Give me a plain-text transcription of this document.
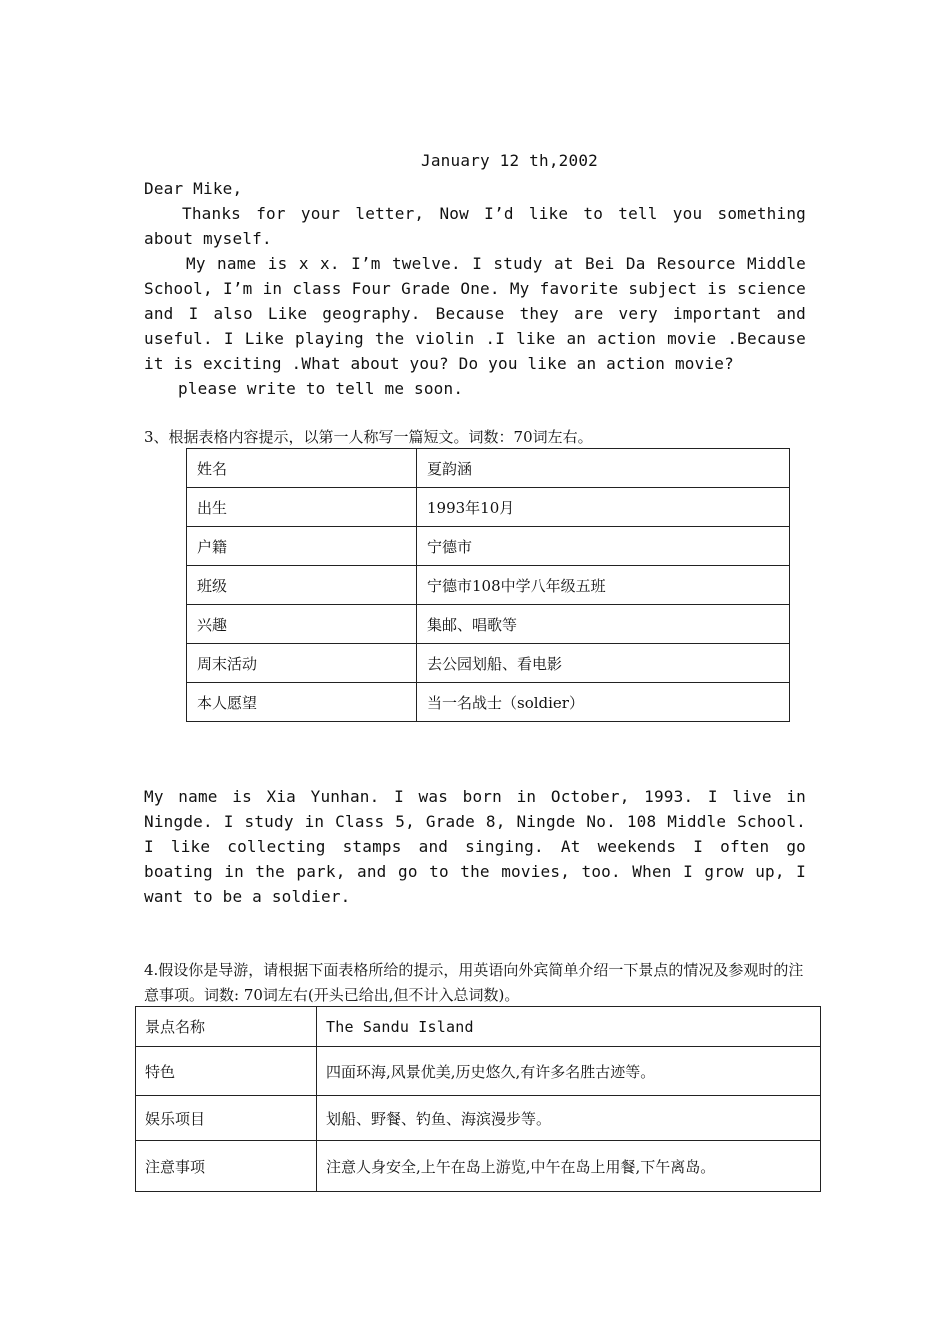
January 12 th,2002

Dear Mike,

Thanks for your letter, Now I’d like to tell you something about myself.

My name is x x. I’m twelve. I study at Bei Da Resource Middle School, I’m in class Four Grade One. My favorite subject is science and I also Like geography. Because they are very important and useful. I Like playing the violin .I like an action movie .Because it is exciting .What about you? Do you like an action movie?

please write to tell me soon.

3、根据表格内容提示，以第一人称写一篇短文。词数：70词左右。
姓名	夏韵涵
出生	1993年10月
户籍	宁德市
班级	宁德市108中学八年级五班
兴趣	集邮、唱歌等
周末活动	去公园划船、看电影
本人愿望	当一名战士（soldier）

My name is Xia Yunhan. I was born in October, 1993. I live in Ningde. I study in Class 5, Grade 8, Ningde No. 108 Middle School. I like collecting stamps and singing. At weekends I often go boating in the park, and go to the movies, too. When I grow up, I want to be a soldier.

4.假设你是导游，请根据下面表格所给的提示，用英语向外宾简单介绍一下景点的情况及参观时的注意事项。词数: 70词左右(开头已给出,但不计入总词数)。
景点名称	The Sandu Island
特色	四面环海,风景优美,历史悠久,有许多名胜古迹等。
娱乐项目	划船、野餐、钓鱼、海滨漫步等。
注意事项	注意人身安全,上午在岛上游览,中午在岛上用餐,下午离岛。
